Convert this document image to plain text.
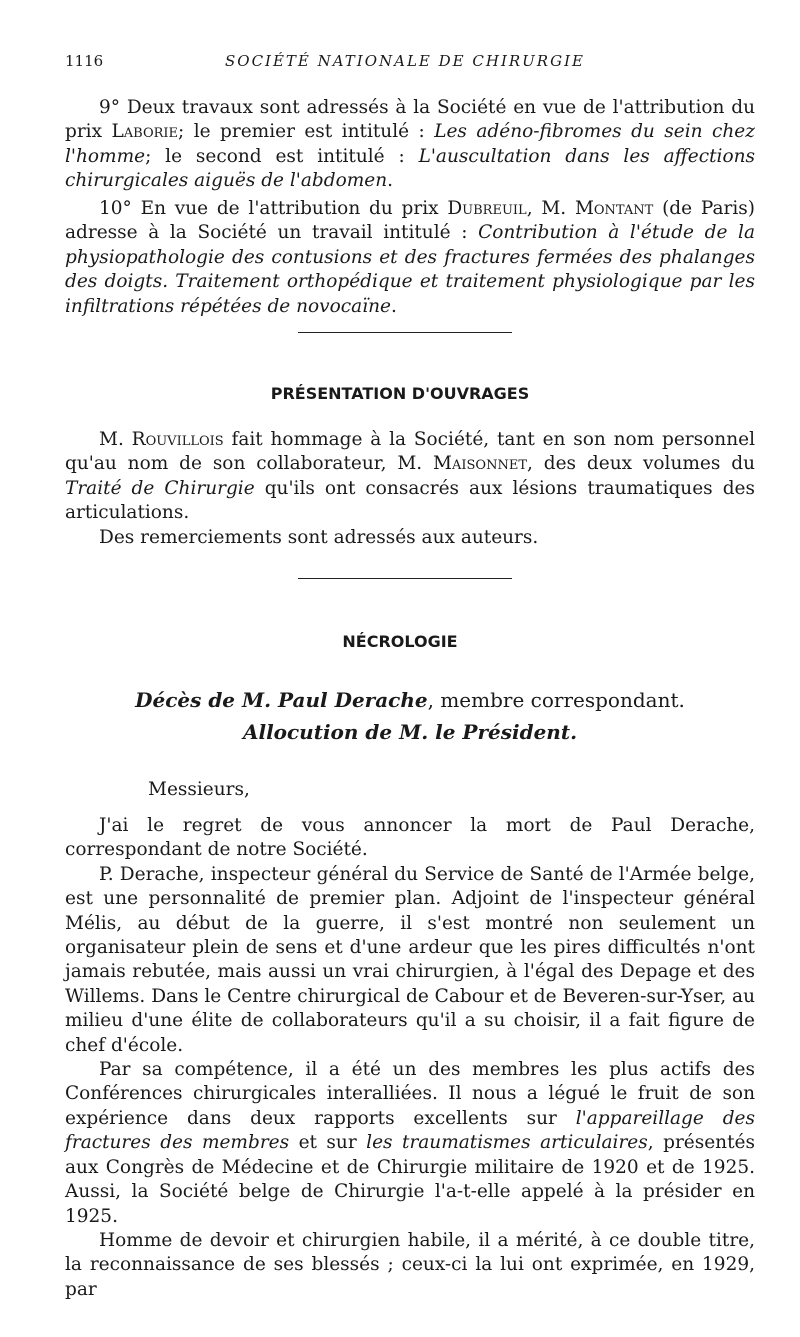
1116	SOCIÉTÉ NATIONALE DE CHIRURGIE

9° Deux travaux sont adressés à la Société en vue de l'attribution du prix Laborie; le premier est intitulé : Les adéno-fibromes du sein chez l'homme; le second est intitulé : L'auscultation dans les affections chirurgicales aiguës de l'abdomen.

10° En vue de l'attribution du prix Dubreuil, M. Montant (de Paris) adresse à la Société un travail intitulé : Contribution à l'étude de la physiopathologie des contusions et des fractures fermées des phalanges des doigts. Traitement orthopédique et traitement physiologique par les infiltrations répétées de novocaïne.

PRÉSENTATION D'OUVRAGES

M. Rouvillois fait hommage à la Société, tant en son nom personnel qu'au nom de son collaborateur, M. Maisonnet, des deux volumes du Traité de Chirurgie qu'ils ont consacrés aux lésions traumatiques des articulations.

Des remerciements sont adressés aux auteurs.

NÉCROLOGIE
Décès de M. Paul Derache, membre correspondant.
Allocution de M. le Président.
Messieurs,

J'ai le regret de vous annoncer la mort de Paul Derache, correspondant de notre Société.

P. Derache, inspecteur général du Service de Santé de l'Armée belge, est une personnalité de premier plan. Adjoint de l'inspecteur général Mélis, au début de la guerre, il s'est montré non seulement un organisateur plein de sens et d'une ardeur que les pires difficultés n'ont jamais rebutée, mais aussi un vrai chirurgien, à l'égal des Depage et des Willems. Dans le Centre chirurgical de Cabour et de Beveren-sur-Yser, au milieu d'une élite de collaborateurs qu'il a su choisir, il a fait figure de chef d'école.

Par sa compétence, il a été un des membres les plus actifs des Conférences chirurgicales interalliées. Il nous a légué le fruit de son expérience dans deux rapports excellents sur l'appareillage des fractures des membres et sur les traumatismes articulaires, présentés aux Congrès de Médecine et de Chirurgie militaire de 1920 et de 1925. Aussi, la Société belge de Chirurgie l'a-t-elle appelé à la présider en 1925.

Homme de devoir et chirurgien habile, il a mérité, à ce double titre, la reconnaissance de ses blessés ; ceux-ci la lui ont exprimée, en 1929, par
